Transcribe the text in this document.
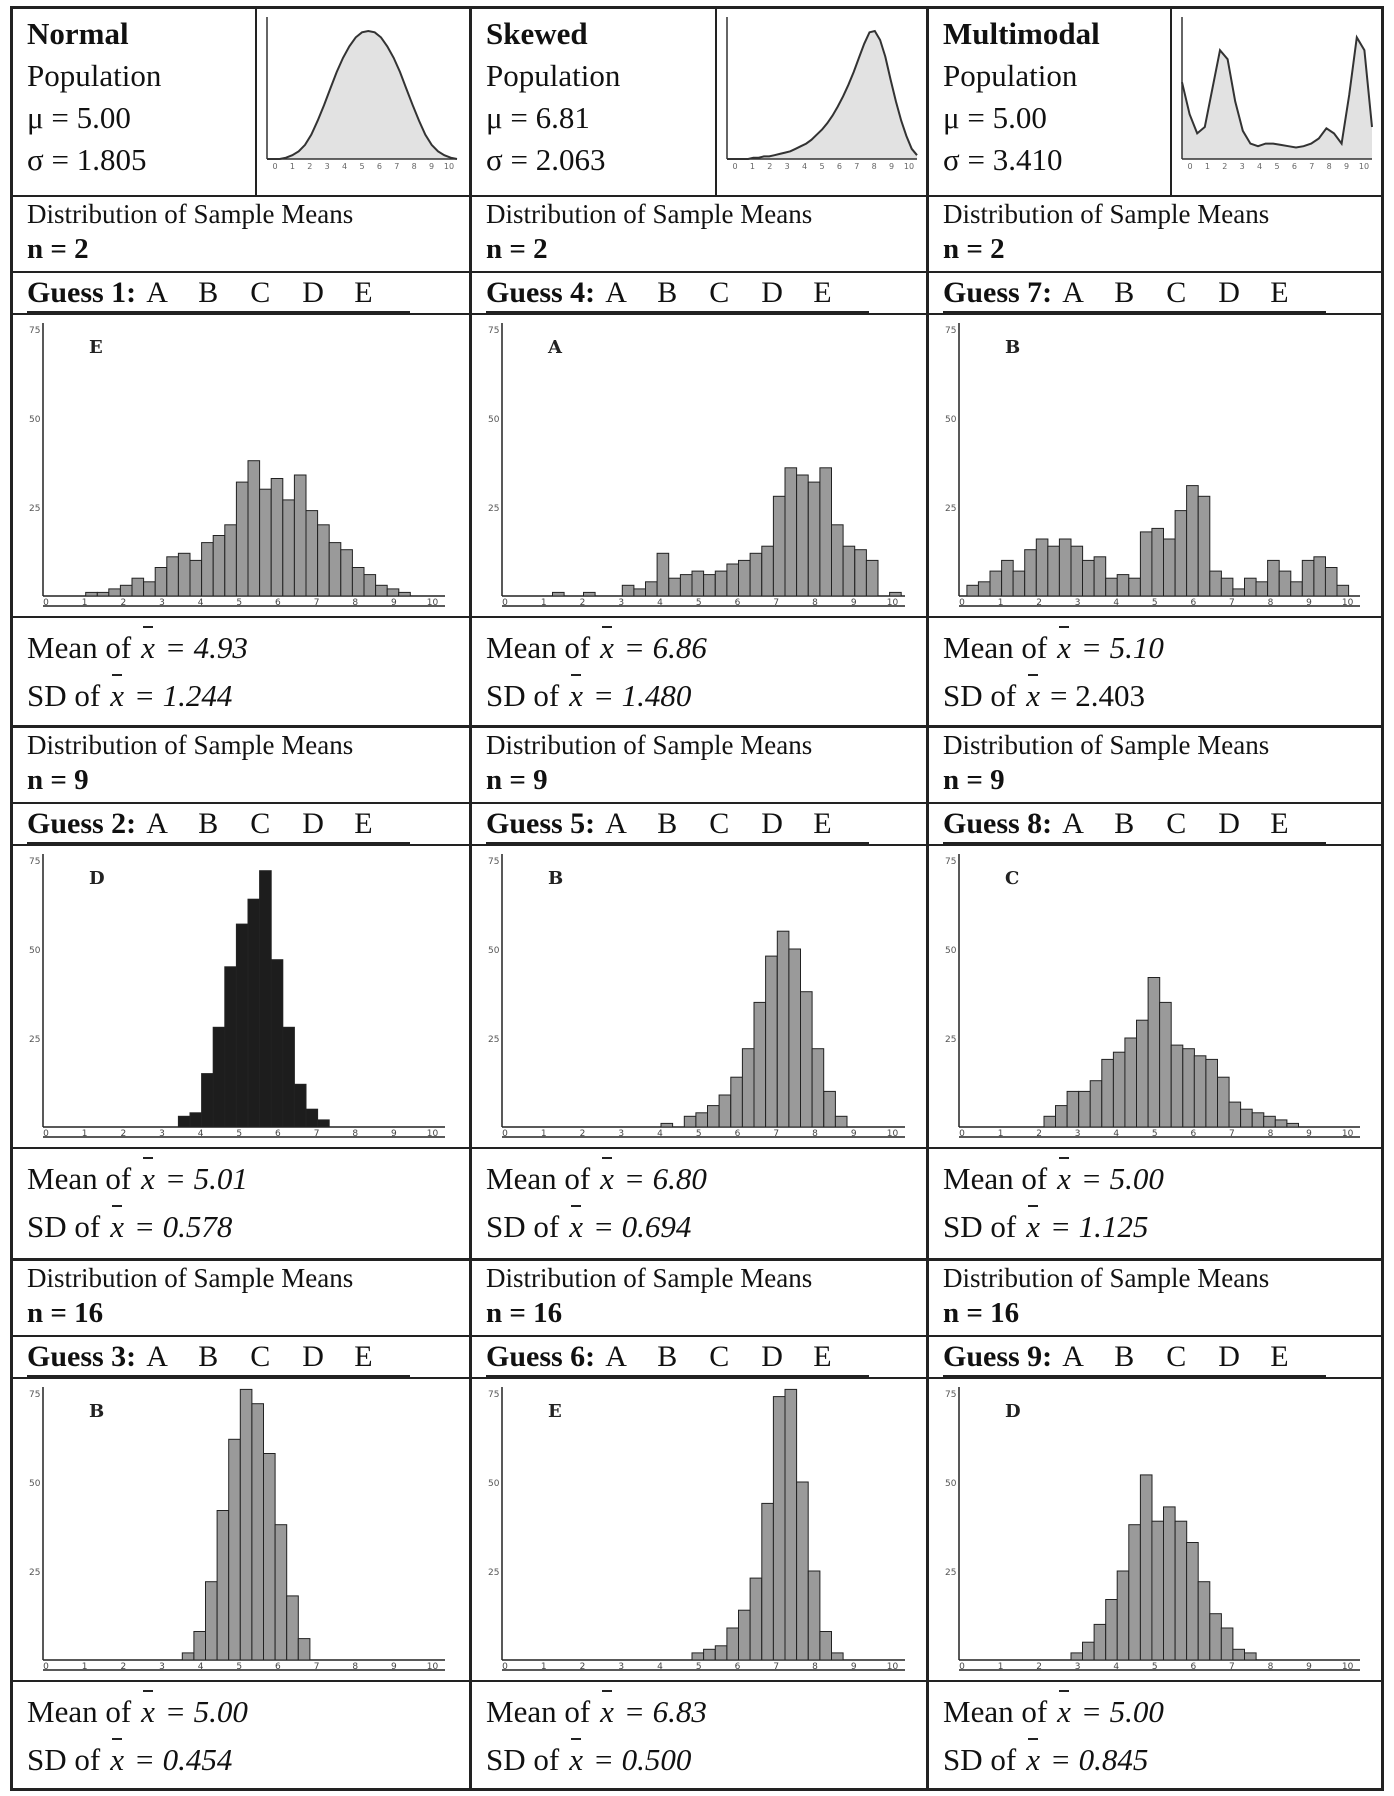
Normal
Population
μ = 5.00
σ = 1.805	0 1 2 3 4 5 6 7 8 9 10
Distribution of Sample Means
n = 2
Guess 1: A B C D E
75
50
25
0	1	2	3	4	5	6	7	8	9	10
E
Mean of x = 4.93
SD of x = 1.244
Distribution of Sample Means
n = 9
Guess 2: A B C D E
75
50
25
0	1	2	3	4	5	6	7	8	9	10
D
Mean of x = 5.01
SD of x = 0.578
Distribution of Sample Means
n = 16
Guess 3: A B C D E
75
50
25
0	1	2	3	4	5	6	7	8	9	10
B
Mean of x = 5.00
SD of x = 0.454
Skewed
Population
μ = 6.81
σ = 2.063	0 1 2 3 4 5 6 7 8 9 10
Distribution of Sample Means
n = 2
Guess 4: A B C D E
75
50
25
0	1	2	3	4	5	6	7	8	9	10
A
Mean of x = 6.86
SD of x = 1.480
Distribution of Sample Means
n = 9
Guess 5: A B C D E
75
50
25
0	1	2	3	4	5	6	7	8	9	10
B
Mean of x = 6.80
SD of x = 0.694
Distribution of Sample Means
n = 16
Guess 6: A B C D E
75
50
25
0	1	2	3	4	5	6	7	8	9	10
E
Mean of x = 6.83
SD of x = 0.500
Multimodal
Population
μ = 5.00
σ = 3.410	0 1 2 3 4 5 6 7 8 9 10
Distribution of Sample Means
n = 2
Guess 7: A B C D E
75
50
25
0	1	2	3	4	5	6	7	8	9	10
B
Mean of x = 5.10
SD of x = 2.403
Distribution of Sample Means
n = 9
Guess 8: A B C D E
75
50
25
0	1	2	3	4	5	6	7	8	9	10
C
Mean of x = 5.00
SD of x = 1.125
Distribution of Sample Means
n = 16
Guess 9: A B C D E
75
50
25
0	1	2	3	4	5	6	7	8	9	10
D
Mean of x = 5.00
SD of x = 0.845
